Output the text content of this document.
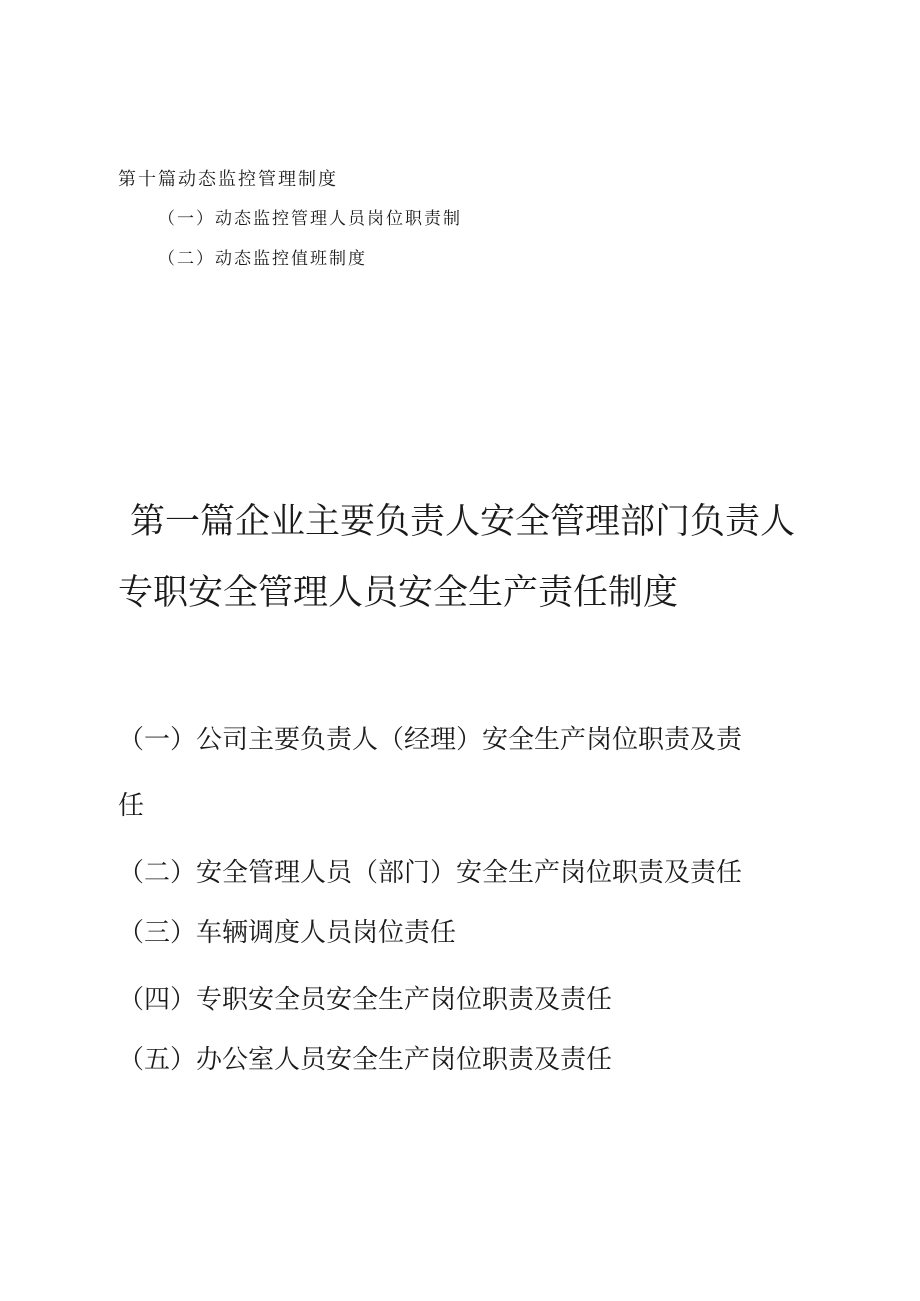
第十篇动态监控管理制度
（一）动态监控管理人员岗位职责制
（二）动态监控值班制度
第一篇企业主要负责人安全管理部门负责人
专职安全管理人员安全生产责任制度
（一）公司主要负责人（经理）安全生产岗位职责及责
任
（二）安全管理人员（部门）安全生产岗位职责及责任
（三）车辆调度人员岗位责任
（四）专职安全员安全生产岗位职责及责任
（五）办公室人员安全生产岗位职责及责任
